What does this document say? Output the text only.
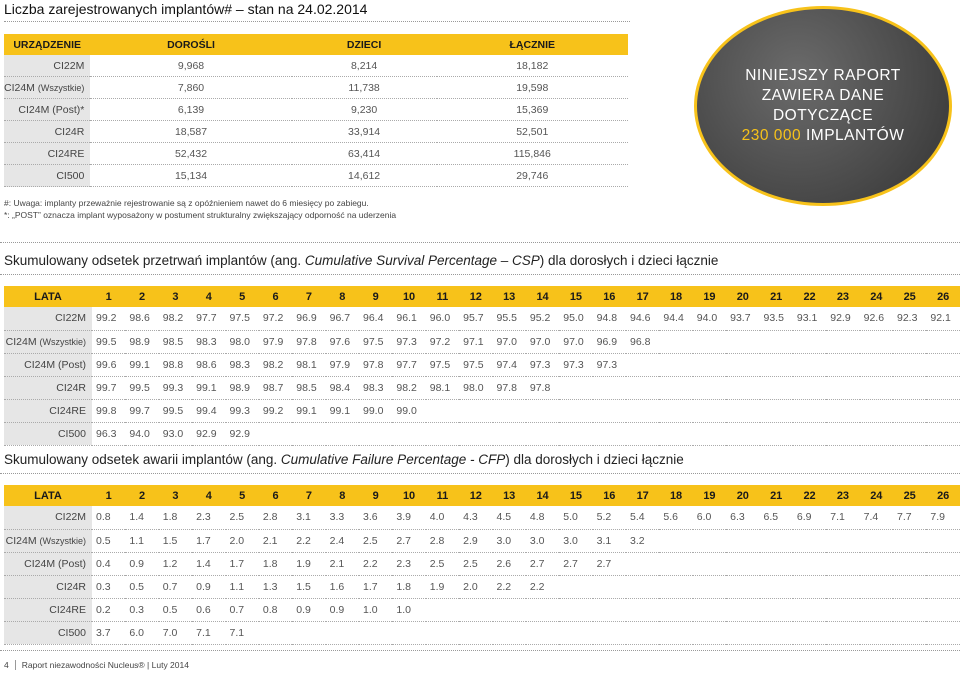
Liczba zarejestrowanych implantów# – stan na 24.02.2014
URZĄDZENIE	DOROŚLI	DZIECI	ŁĄCZNIE
CI22M	9,968	8,214	18,182
CI24M (Wszystkie)	7,860	11,738	19,598
CI24M (Post)*	6,139	9,230	15,369
CI24R	18,587	33,914	52,501
CI24RE	52,432	63,414	115,846
CI500	15,134	14,612	29,746
NINIEJSZY RAPORT
ZAWIERA DANE
DOTYCZĄCE
230 000 IMPLANTÓW
#: Uwaga: implanty przeważnie rejestrowanie są z opóźnieniem nawet do 6 miesięcy po zabiegu.
*: „POST” oznacza implant wyposażony w postument strukturalny zwiększający odporność na uderzenia
Skumulowany odsetek przetrwań implantów (ang. Cumulative Survival Percentage – CSP) dla dorosłych i dzieci łącznie
LATA	1	2	3	4	5	6	7	8	9	10	11	12	13	14	15	16	17	18	19	20	21	22	23	24	25	26
CI22M	99.2	98.6	98.2	97.7	97.5	97.2	96.9	96.7	96.4	96.1	96.0	95.7	95.5	95.2	95.0	94.8	94.6	94.4	94.0	93.7	93.5	93.1	92.9	92.6	92.3	92.1
CI24M (Wszystkie)	99.5	98.9	98.5	98.3	98.0	97.9	97.8	97.6	97.5	97.3	97.2	97.1	97.0	97.0	97.0	96.9	96.8									
CI24M (Post)	99.6	99.1	98.8	98.6	98.3	98.2	98.1	97.9	97.8	97.7	97.5	97.5	97.4	97.3	97.3	97.3										
CI24R	99.7	99.5	99.3	99.1	98.9	98.7	98.5	98.4	98.3	98.2	98.1	98.0	97.8	97.8												
CI24RE	99.8	99.7	99.5	99.4	99.3	99.2	99.1	99.1	99.0	99.0																
CI500	96.3	94.0	93.0	92.9	92.9																					
Skumulowany odsetek awarii implantów (ang. Cumulative Failure Percentage - CFP) dla dorosłych i dzieci łącznie
LATA	1	2	3	4	5	6	7	8	9	10	11	12	13	14	15	16	17	18	19	20	21	22	23	24	25	26
CI22M	0.8	1.4	1.8	2.3	2.5	2.8	3.1	3.3	3.6	3.9	4.0	4.3	4.5	4.8	5.0	5.2	5.4	5.6	6.0	6.3	6.5	6.9	7.1	7.4	7.7	7.9
CI24M (Wszystkie)	0.5	1.1	1.5	1.7	2.0	2.1	2.2	2.4	2.5	2.7	2.8	2.9	3.0	3.0	3.0	3.1	3.2									
CI24M (Post)	0.4	0.9	1.2	1.4	1.7	1.8	1.9	2.1	2.2	2.3	2.5	2.5	2.6	2.7	2.7	2.7										
CI24R	0.3	0.5	0.7	0.9	1.1	1.3	1.5	1.6	1.7	1.8	1.9	2.0	2.2	2.2												
CI24RE	0.2	0.3	0.5	0.6	0.7	0.8	0.9	0.9	1.0	1.0																
CI500	3.7	6.0	7.0	7.1	7.1																					
4 Raport niezawodności Nucleus® | Luty 2014
